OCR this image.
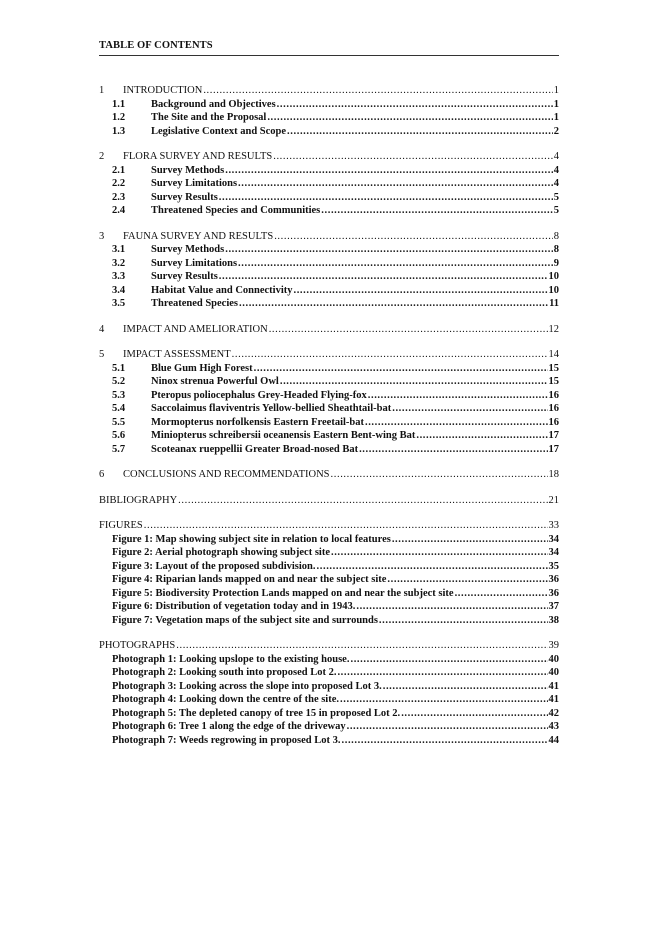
TABLE OF CONTENTS
1	INTRODUCTION .....	1
1.1	Background and Objectives .....	1
1.2	The Site and the Proposal .....	1
1.3	Legislative Context and Scope .....	2
2	FLORA SURVEY AND RESULTS .....	4
2.1	Survey Methods .....	4
2.2	Survey Limitations .....	4
2.3	Survey Results .....	5
2.4	Threatened Species and Communities .....	5
3	FAUNA SURVEY AND RESULTS .....	8
3.1	Survey Methods .....	8
3.2	Survey Limitations .....	9
3.3	Survey Results .....	10
3.4	Habitat Value and Connectivity .....	10
3.5	Threatened Species .....	11
4	IMPACT AND AMELIORATION .....	12
5	IMPACT ASSESSMENT .....	14
5.1	Blue Gum High Forest .....	15
5.2	Ninox strenua Powerful Owl .....	15
5.3	Pteropus poliocephalus Grey-Headed Flying-fox .....	16
5.4	Saccolaimus flaviventris Yellow-bellied Sheathtail-bat .....	16
5.5	Mormopterus norfolkensis Eastern Freetail-bat .....	16
5.6	Miniopterus schreibersii oceanensis Eastern Bent-wing Bat .....	17
5.7	Scoteanax rueppellii Greater Broad-nosed Bat .....	17
6	CONCLUSIONS AND RECOMMENDATIONS .....	18
BIBLIOGRAPHY .....	21
FIGURES .....	33
Figure 1: Map showing subject site in relation to local features .....	34
Figure 2: Aerial photograph showing subject site .....	34
Figure 3: Layout of the proposed subdivision. .....	35
Figure 4: Riparian lands mapped on and near the subject site .....	36
Figure 5: Biodiversity Protection Lands mapped on and near the subject site .....	36
Figure 6: Distribution of vegetation today and in 1943. .....	37
Figure 7: Vegetation maps of the subject site and surrounds .....	38
PHOTOGRAPHS .....	39
Photograph 1: Looking upslope to the existing house. .....	40
Photograph 2: Looking south into proposed Lot 2. .....	40
Photograph 3: Looking across the slope into proposed Lot 3. .....	41
Photograph 4: Looking down the centre of the site. .....	41
Photograph 5: The depleted canopy of tree 15 in proposed Lot 2. .....	42
Photograph 6: Tree 1 along the edge of the driveway .....	43
Photograph 7: Weeds regrowing in proposed Lot 3. .....	44
